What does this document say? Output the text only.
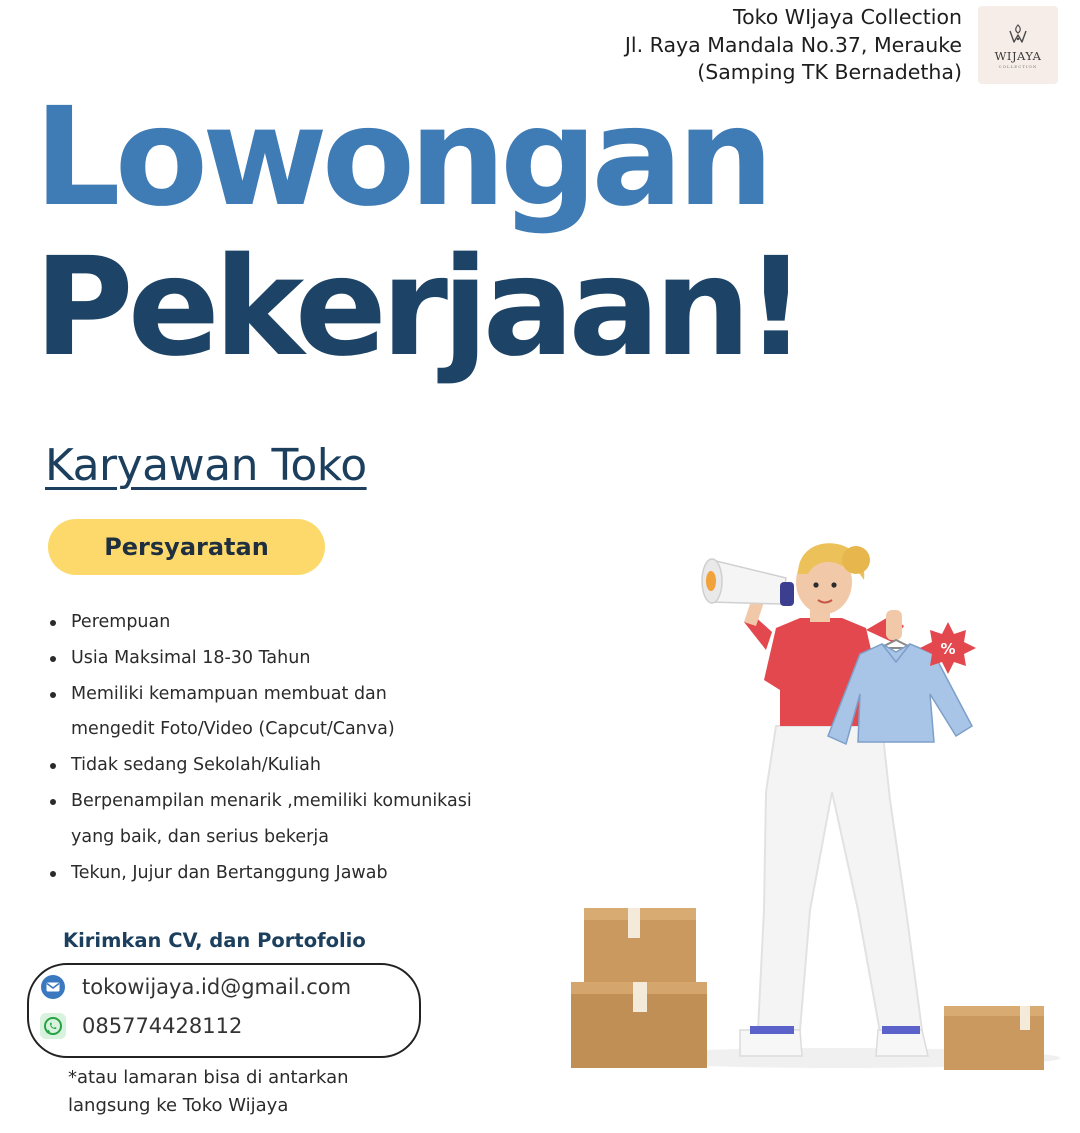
Toko WIjaya Collection
Jl. Raya Mandala No.37, Merauke
(Samping TK Bernadetha)
WIJAYA
COLLECTION
Lowongan
Pekerjaan!
Karyawan Toko
Persyaratan
Perempuan
Usia Maksimal 18-30 Tahun
Memiliki kemampuan membuat dan mengedit Foto/Video (Capcut/Canva)
Tidak sedang Sekolah/Kuliah
Berpenampilan menarik ,memiliki komunikasi yang baik, dan serius bekerja
Tekun, Jujur dan Bertanggung Jawab
Kirimkan CV, dan Portofolio
tokowijaya.id@gmail.com
085774428112
*atau lamaran bisa di antarkan
langsung ke Toko Wijaya
%
